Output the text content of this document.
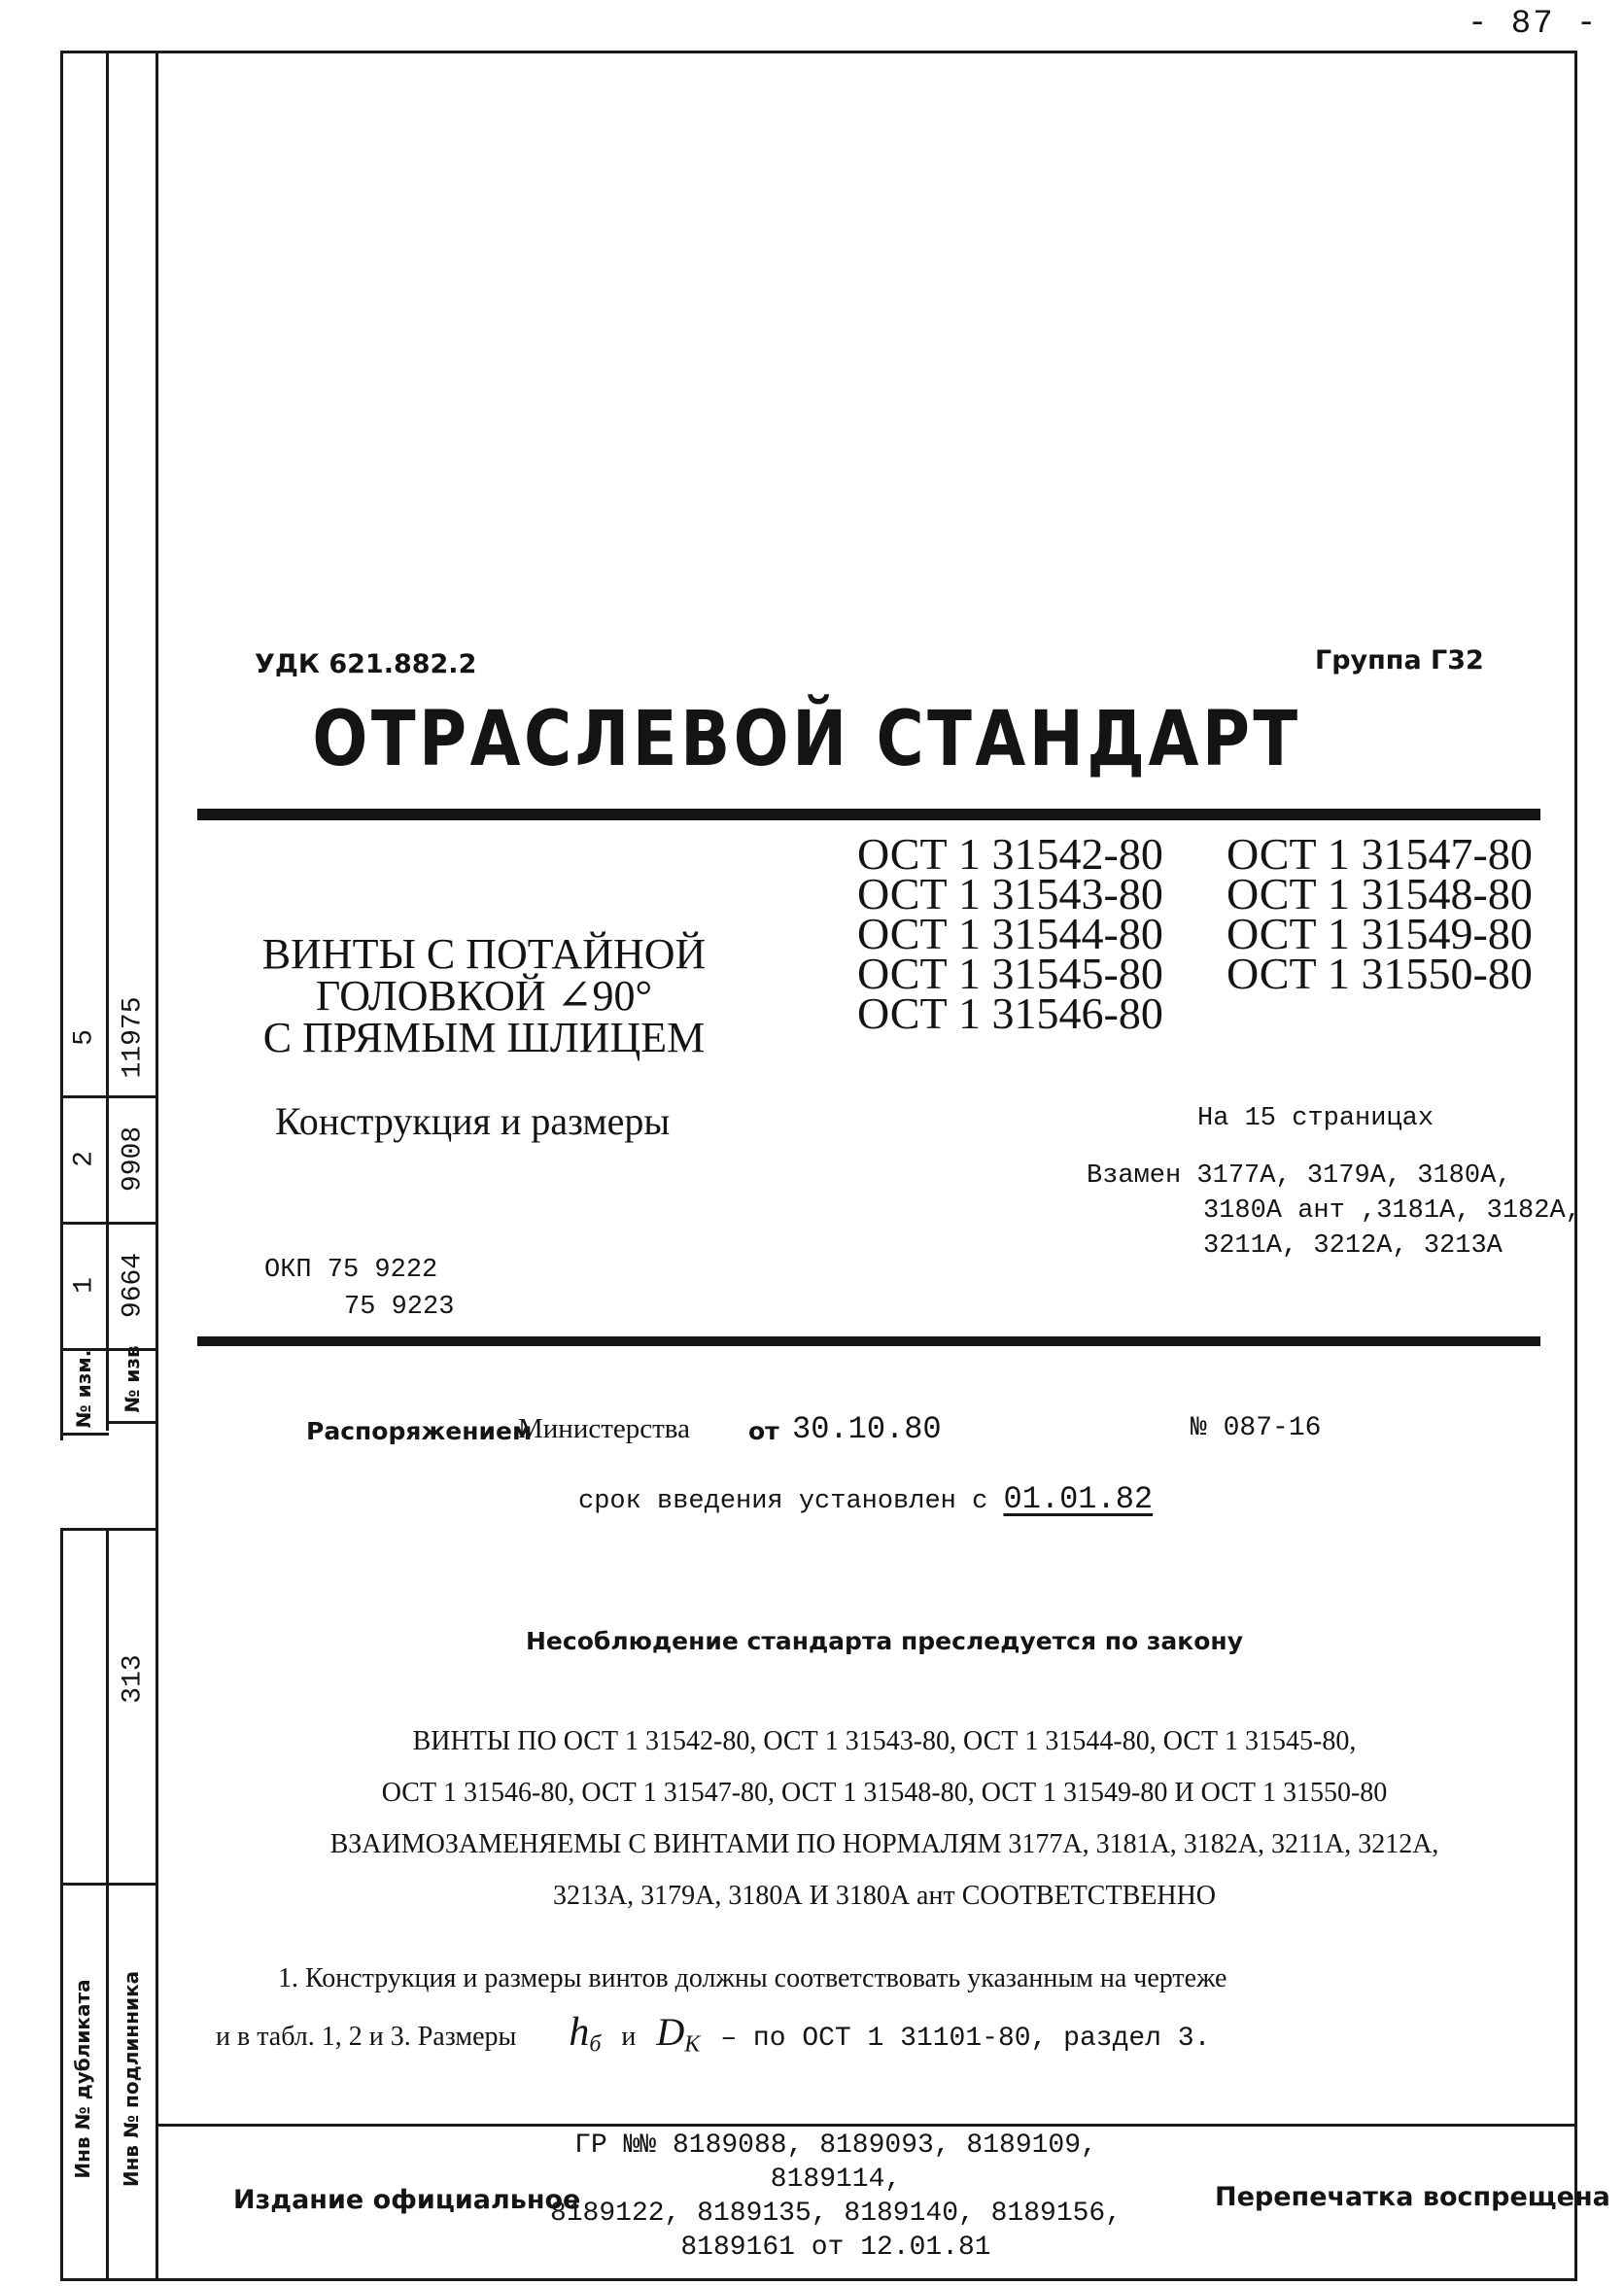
- 87 -
5 11975
2 9908
1 9664
№ изм. № изв
313
Инв № дубликата Инв № подлинника
УДК 621.882.2	Группа Г32
ОТРАСЛЕВОЙ СТАНДАРТ
ОСТ 1 31542-80
ОСТ 1 31543-80
ОСТ 1 31544-80
ОСТ 1 31545-80
ОСТ 1 31546-80
ОСТ 1 31547-80
ОСТ 1 31548-80
ОСТ 1 31549-80
ОСТ 1 31550-80
ВИНТЫ С ПОТАЙНОЙ
ГОЛОВКОЙ ∠90°
С ПРЯМЫМ ШЛИЦЕМ
Конструкция и размеры	На 15 страницах
Взамен 3177А, 3179А, 3180А,
3180А ант ,3181А, 3182А,
3211А, 3212А, 3213А
ОКП 75 9222
75 9223
Распоряжением
Министерства от 30.10.80	№ 087-16
срок введения установлен с 01.01.82
Несоблюдение стандарта преследуется по закону
ВИНТЫ ПО ОСТ 1 31542-80, ОСТ 1 31543-80, ОСТ 1 31544-80, ОСТ 1 31545-80,
ОСТ 1 31546-80, ОСТ 1 31547-80, ОСТ 1 31548-80, ОСТ 1 31549-80 И ОСТ 1 31550-80
ВЗАИМОЗАМЕНЯЕМЫ С ВИНТАМИ ПО НОРМАЛЯМ 3177А, 3181А, 3182А, 3211А, 3212А,
3213А, 3179А, 3180А И 3180А ант СООТВЕТСТВЕННО
1. Конструкция и размеры винтов должны соответствовать указанным на чертеже
и в табл. 1, 2 и 3. Размеры $h_б$ и $D_K$ – по ОСТ 1 31101-80, раздел 3.
Издание официальное
ГР №№ 8189088, 8189093, 8189109, 8189114,
8189122, 8189135, 8189140, 8189156,
8189161 от 12.01.81
Перепечатка воспрещена
